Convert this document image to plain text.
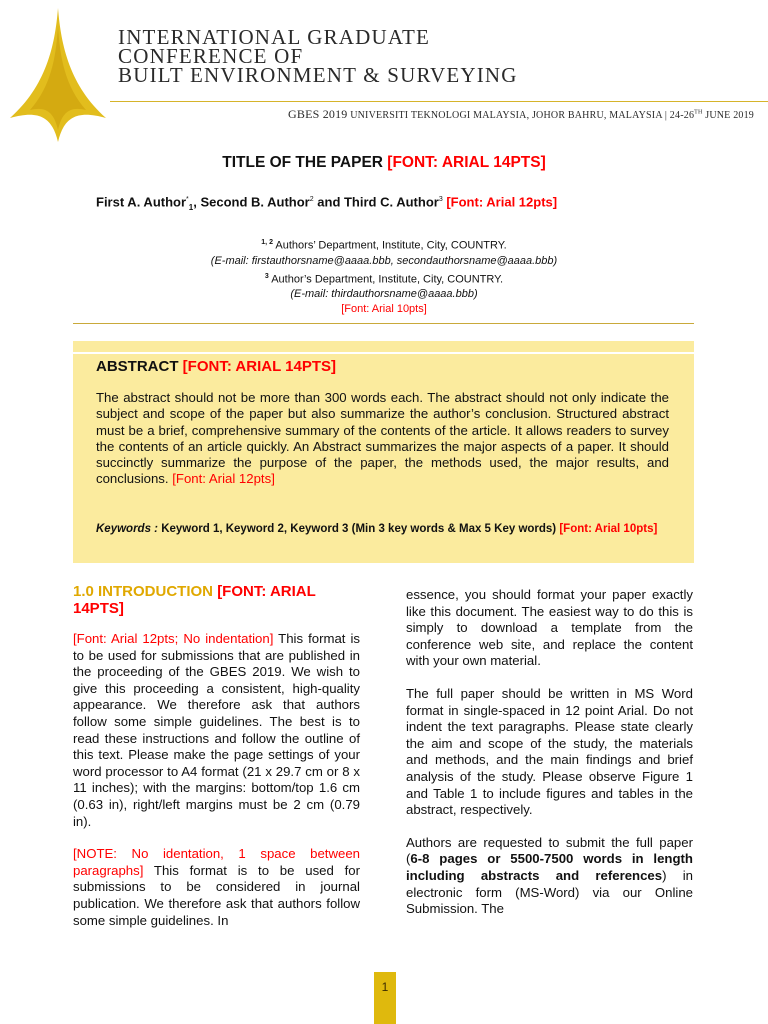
INTERNATIONAL GRADUATE
CONFERENCE OF
BUILT ENVIRONMENT & SURVEYING
GBES 2019 UNIVERSITI TEKNOLOGI MALAYSIA, JOHOR BAHRU, MALAYSIA | 24-26TH JUNE 2019
TITLE OF THE PAPER [FONT: ARIAL 14PTS]
First A. Author*$_1$, Second B. Author$^2$ and Third C. Author$^3$ [Font: Arial 12pts]
$^{1, 2}$ Authors’ Department, Institute, City, COUNTRY.
(E-mail: firstauthorsname@aaaa.bbb, secondauthorsname@aaaa.bbb)
$^3$ Author’s Department, Institute, City, COUNTRY.
(E-mail: thirdauthorsname@aaaa.bbb)
[Font: Arial 10pts]
ABSTRACT [FONT: ARIAL 14PTS]
The abstract should not be more than 300 words each. The abstract should not only indicate the subject and scope of the paper but also summarize the author’s conclusion. Structured abstract must be a brief, comprehensive summary of the contents of the article. It allows readers to survey the contents of an article quickly. An Abstract summarizes the major aspects of a paper. It should succinctly summarize the purpose of the paper, the methods used, the major results, and conclusions. [Font: Arial 12pts]
Keywords : Keyword 1, Keyword 2, Keyword 3 (Min 3 key words & Max 5 Key words) [Font: Arial 10pts]
1.0 INTRODUCTION [FONT: ARIAL 14PTS]

[Font: Arial 12pts; No indentation] This format is to be used for submissions that are published in the proceeding of the GBES 2019. We wish to give this proceeding a consistent, high-quality appearance. We therefore ask that authors follow some simple guidelines. The best is to read these instructions and follow the outline of this text. Please make the page settings of your word processor to A4 format (21 x 29.7 cm or 8 x 11 inches); with the margins: bottom/top 1.6 cm (0.63 in), right/left margins must be 2 cm (0.79 in).

[NOTE: No identation, 1 space between paragraphs] This format is to be used for submissions to be considered in journal publication. We therefore ask that authors follow some simple guidelines. In

essence, you should format your paper exactly like this document. The easiest way to do this is simply to download a template from the conference web site, and replace the content with your own material.

The full paper should be written in MS Word format in single-spaced in 12 point Arial. Do not indent the text paragraphs. Please state clearly the aim and scope of the study, the materials and methods, and the main findings and brief analysis of the study. Please observe Figure 1 and Table 1 to include figures and tables in the abstract, respectively.

Authors are requested to submit the full paper (6-8 pages or 5500-7500 words in length including abstracts and references) in electronic form (MS-Word) via our Online Submission. The

1
